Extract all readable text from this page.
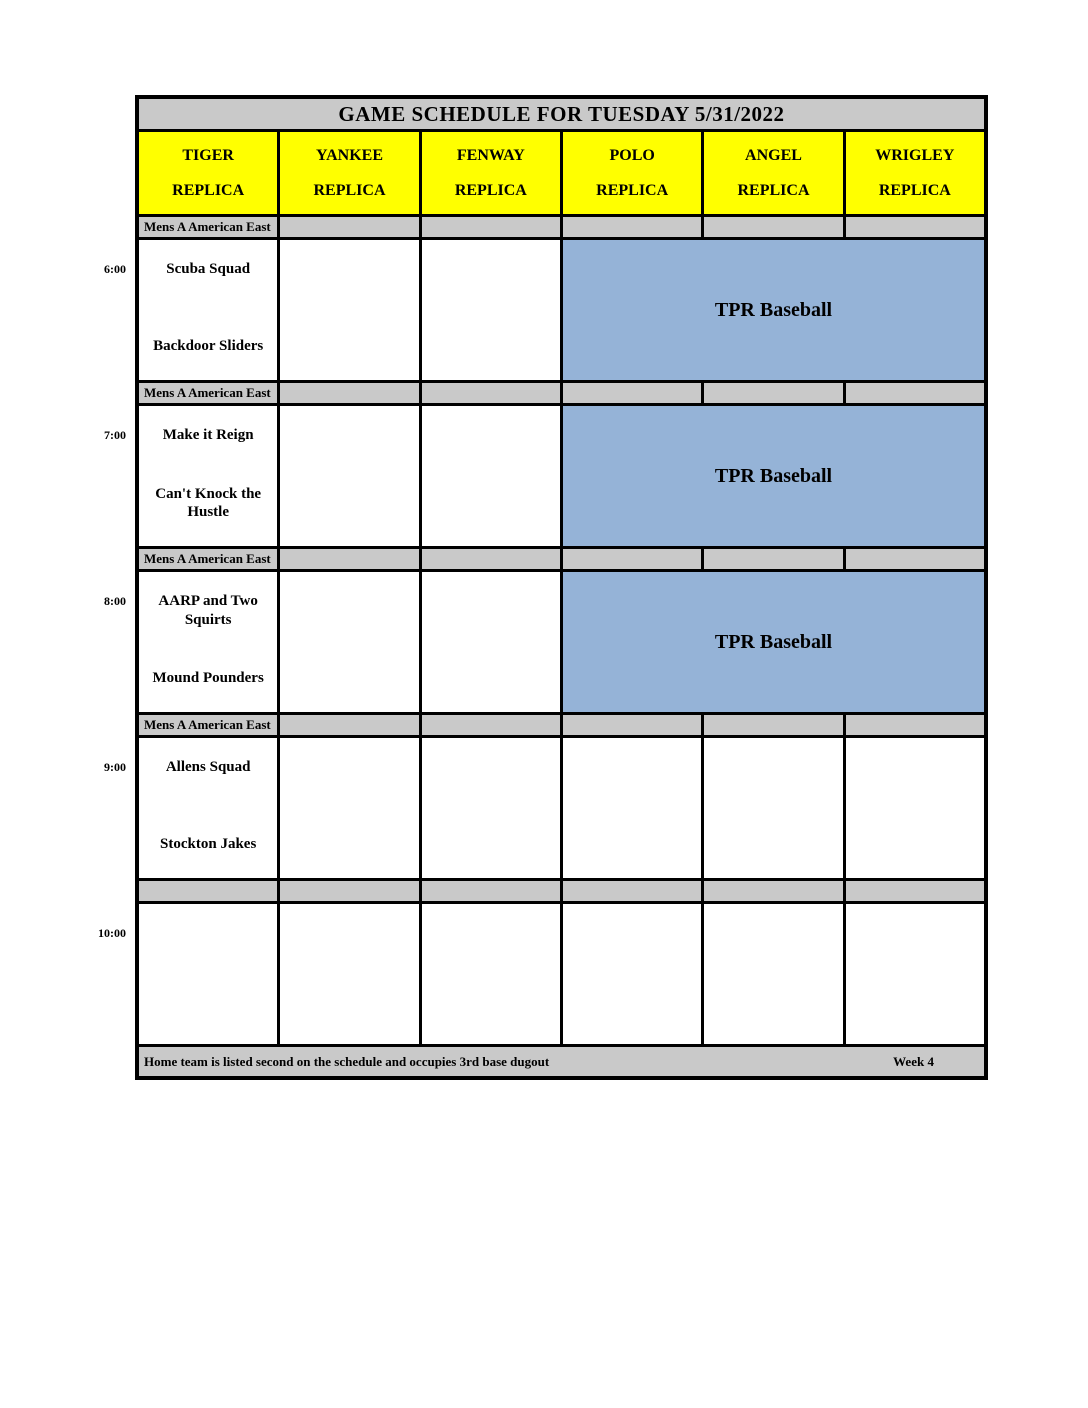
6:00
7:00
8:00
9:00
10:00
GAME SCHEDULE FOR TUESDAY 5/31/2022
TIGER
REPLICA
YANKEE
REPLICA
FENWAY
REPLICA
POLO
REPLICA
ANGEL
REPLICA
WRIGLEY
REPLICA
Mens A American East
Scuba Squad
Backdoor Sliders
TPR Baseball
Mens A American East
Make it Reign
Can't Knock the Hustle
TPR Baseball
Mens A American East
AARP and Two Squirts
Mound Pounders
TPR Baseball
Mens A American East
Allens Squad
Stockton Jakes
Home team is listed second on the schedule and occupies 3rd base dugout	Week 4
